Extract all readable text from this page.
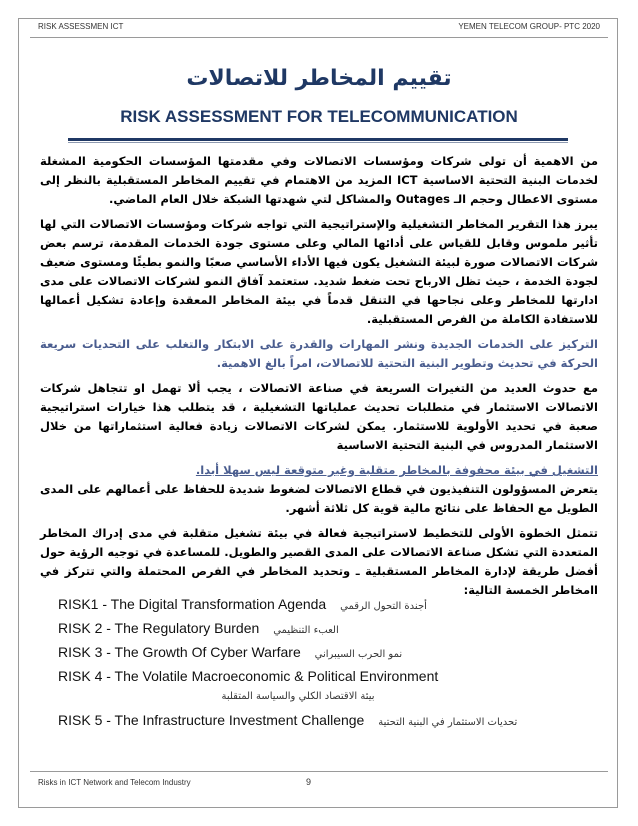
RISK ASSESSMEN ICT	YEMEN TELECOM GROUP- PTC 2020
تقييم المخاطر للاتصالات
RISK ASSESSMENT FOR TELECOMMUNICATION

من الاهمية أن تولى شركات ومؤسسات الاتصالات وفي مقدمتها المؤسسات الحكومية المشغلة لخدمات البنية التحتية الاساسية ICT المزيد من الاهتمام في تقييم المخاطر المستقبلية بالنظر إلى مستوى الاعطال وحجم الـ Outages والمشاكل لتي شهدتها الشبكة خلال العام الماضي.

يبرز هذا التقرير المخاطر التشغيلية والإستراتيجية التي تواجه شركات ومؤسسات الاتصالات التي لها تأثير ملموس وقابل للقياس على أدائها المالي وعلى مستوى جودة الخدمات المقدمة، ترسم بعض شركات الاتصالات صورة لبيئة التشغيل يكون فيها الأداء الأساسي صعبًا والنمو بطيئًا ومستوى ضعيف لجودة الخدمة ، حيث تظل الارباح تحت ضغط شديد. ستعتمد آفاق النمو لشركات الاتصالات على مدى ادارتها للمخاطر وعلى نجاحها في التنقل قدماً في بيئة المخاطر المعقدة وإعادة تشكيل أعمالها للاستفادة الكاملة من الفرص المستقبلية.

التركيز على الخدمات الجديدة ونشر المهارات والقدرة على الابتكار والتغلب على التحديات سريعة الحركة في تحديث وتطوير البنية التحتية للاتصالات، امراً بالغ الاهمية.

مع حدوث العديد من التغيرات السريعة في صناعة الاتصالات ، يجب ألا تهمل او تتجاهل شركات الاتصالات الاستثمار في متطلبات تحديث عملياتها التشغيلية ، قد يتطلب هذا خيارات استراتيجية صعبة في تحديد الأولوية للاستثمار. يمكن لشركات الاتصالات زيادة فعالية استثماراتها من خلال الاستثمار المدروس في البنية التحتية الاساسية

التشغيل في بيئة محفوفة بالمخاطر متقلبة وغير متوقعة ليس سهلا أبدا.

يتعرض المسؤولون التنفيذيون في قطاع الاتصالات لضغوط شديدة للحفاظ على أعمالهم على المدى الطويل مع الحفاظ على نتائج مالية قوية كل ثلاثة أشهر.

تتمثل الخطوة الأولى للتخطيط لاستراتيجية فعالة في بيئة تشغيل متقلبة في مدى إدراك المخاطر المتعددة التي تشكل صناعة الاتصالات على المدى القصير والطويل. للمساعدة في توجيه الرؤية حول أفضل طريقة لإدارة المخاطر المستقبلية ـ وتحديد المخاطر في الفرص المحتملة والتي تتركز في اامخاطر الخمسة التالية:

RISK1 - The Digital Transformation Agenda أجندة التحول الرقمي
RISK 2 - The Regulatory Burden العبء التنظيمي
RISK 3 - The Growth Of Cyber Warfare نمو الحرب السيبراني
RISK 4 - The Volatile Macroeconomic & Political Environment
بيئة الاقتصاد الكلي والسياسة المتقلبة
RISK 5 - The Infrastructure Investment Challenge تحديات الاستثمار في البنية التحتية
Risks in ICT Network and Telecom Industry	9
